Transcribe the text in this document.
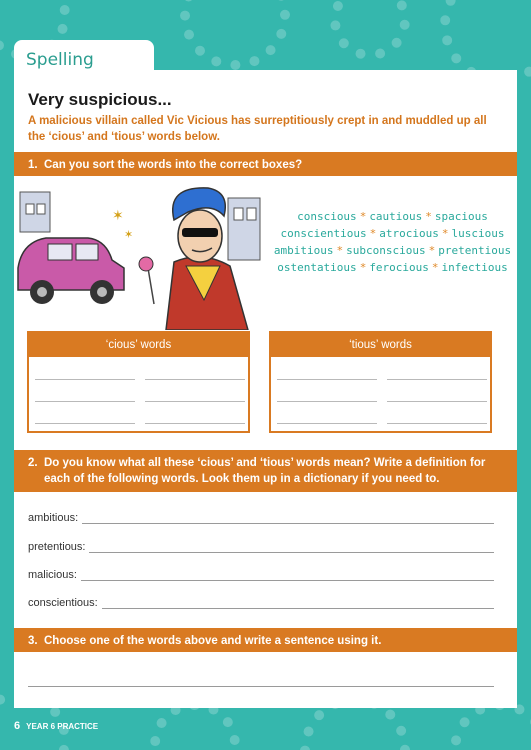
Spelling
Very suspicious...
A malicious villain called Vic Vicious has surreptitiously crept in and muddled up all the ‘cious’ and ‘tious’ words below.
1. Can you sort the words into the correct boxes?
✶
✶
conscious * cautious * spacious
conscientious * atrocious * luscious
ambitious * subconscious * pretentious
ostentatious * ferocious * infectious
‘cious’ words	‘tious’ words
2. Do you know what all these ‘cious’ and ‘tious’ words mean? Write a definition for each of the following words. Look them up in a dictionary if you need to.
ambitious:
pretentious:
malicious:
conscientious:
3. Choose one of the words above and write a sentence using it.
6 YEAR 6 PRACTICE
